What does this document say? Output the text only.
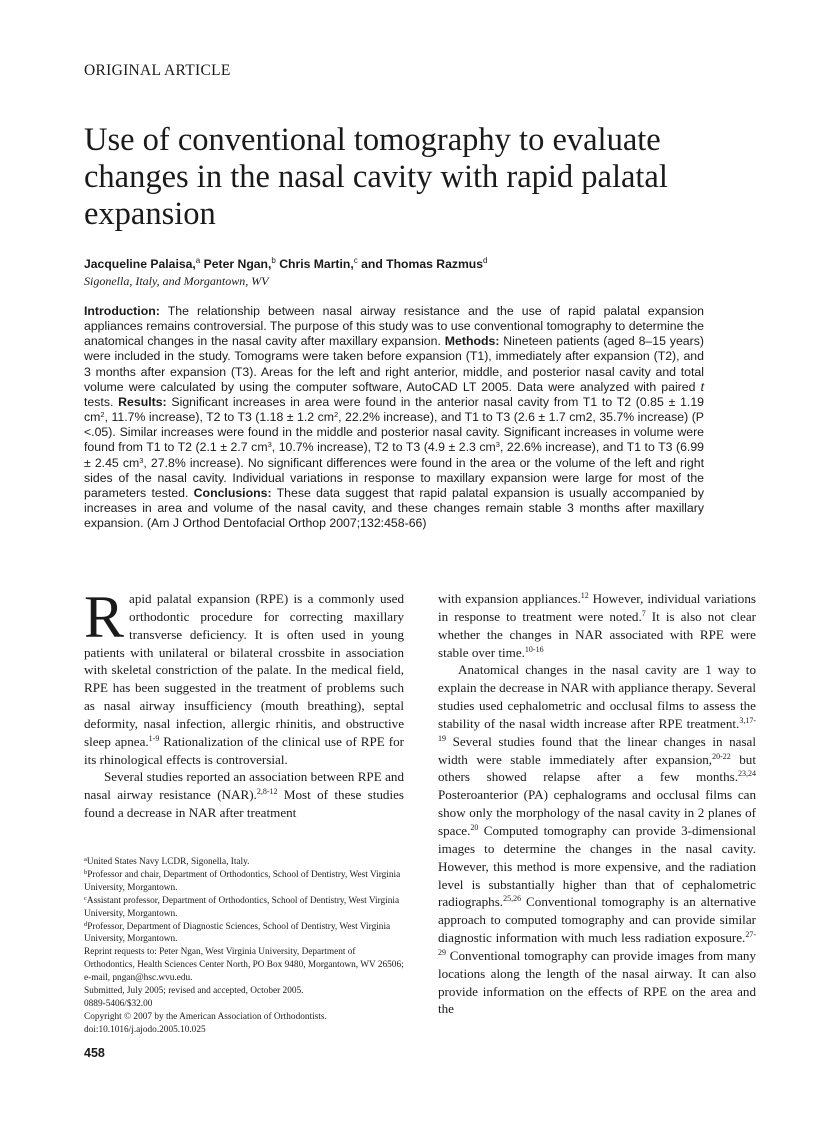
ORIGINAL ARTICLE
Use of conventional tomography to evaluate changes in the nasal cavity with rapid palatal expansion
Jacqueline Palaisa,$^a$ Peter Ngan,$^b$ Chris Martin,$^c$ and Thomas Razmus$^d$
Sigonella, Italy, and Morgantown, WV

Introduction: The relationship between nasal airway resistance and the use of rapid palatal expansion appliances remains controversial. The purpose of this study was to use conventional tomography to determine the anatomical changes in the nasal cavity after maxillary expansion. Methods: Nineteen patients (aged 8–15 years) were included in the study. Tomograms were taken before expansion (T1), immediately after expansion (T2), and 3 months after expansion (T3). Areas for the left and right anterior, middle, and posterior nasal cavity and total volume were calculated by using the computer software, AutoCAD LT 2005. Data were analyzed with paired t tests. Results: Significant increases in area were found in the anterior nasal cavity from T1 to T2 (0.85 ± 1.19 $cm^2$, 11.7% increase), T2 to T3 (1.18 ± 1.2 $cm^2$, 22.2% increase), and T1 to T3 (2.6 ± 1.7 cm2, 35.7% increase) (P <.05). Similar increases were found in the middle and posterior nasal cavity. Significant increases in volume were found from T1 to T2 (2.1 ± 2.7 $cm^3$, 10.7% increase), T2 to T3 (4.9 ± 2.3 $cm^3$, 22.6% increase), and T1 to T3 (6.99 ± 2.45 $cm^3$, 27.8% increase). No significant differences were found in the area or the volume of the left and right sides of the nasal cavity. Individual variations in response to maxillary expansion were large for most of the parameters tested. Conclusions: These data suggest that rapid palatal expansion is usually accompanied by increases in area and volume of the nasal cavity, and these changes remain stable 3 months after maxillary expansion. (Am J Orthod Dentofacial Orthop 2007;132:458-66)

Rapid palatal expansion (RPE) is a commonly used orthodontic procedure for correcting maxillary transverse deficiency. It is often used in young patients with unilateral or bilateral crossbite in association with skeletal constriction of the palate. In the medical field, RPE has been suggested in the treatment of problems such as nasal airway insufficiency (mouth breathing), septal deformity, nasal infection, allergic rhinitis, and obstructive sleep apnea.$^{1-9}$ Rationalization of the clinical use of RPE for its rhinological effects is controversial.

Several studies reported an association between RPE and nasal airway resistance (NAR).$^{2,8-12}$ Most of these studies found a decrease in NAR after treatment

$^a$United States Navy LCDR, Sigonella, Italy.
$^b$Professor and chair, Department of Orthodontics, School of Dentistry, West Virginia University, Morgantown.
$^c$Assistant professor, Department of Orthodontics, School of Dentistry, West Virginia University, Morgantown.
$^d$Professor, Department of Diagnostic Sciences, School of Dentistry, West Virginia University, Morgantown.
Reprint requests to: Peter Ngan, West Virginia University, Department of Orthodontics, Health Sciences Center North, PO Box 9480, Morgantown, WV 26506; e-mail, pngan@hsc.wvu.edu.
Submitted, July 2005; revised and accepted, October 2005.
0889-5406/$32.00
Copyright © 2007 by the American Association of Orthodontists.
doi:10.1016/j.ajodo.2005.10.025

with expansion appliances.$^{12}$ However, individual variations in response to treatment were noted.$^7$ It is also not clear whether the changes in NAR associated with RPE were stable over time.$^{10-16}$

Anatomical changes in the nasal cavity are 1 way to explain the decrease in NAR with appliance therapy. Several studies used cephalometric and occlusal films to assess the stability of the nasal width increase after RPE treatment.$^{3,17-19}$ Several studies found that the linear changes in nasal width were stable immediately after expansion,$^{20-22}$ but others showed relapse after a few months.$^{23,24}$ Posteroanterior (PA) cephalograms and occlusal films can show only the morphology of the nasal cavity in 2 planes of space.$^{20}$ Computed tomography can provide 3-dimensional images to determine the changes in the nasal cavity. However, this method is more expensive, and the radiation level is substantially higher than that of cephalometric radiographs.$^{25,26}$ Conventional tomography is an alternative approach to computed tomography and can provide similar diagnostic information with much less radiation exposure.$^{27-29}$ Conventional tomography can provide images from many locations along the length of the nasal airway. It can also provide information on the effects of RPE on the area and the

458
